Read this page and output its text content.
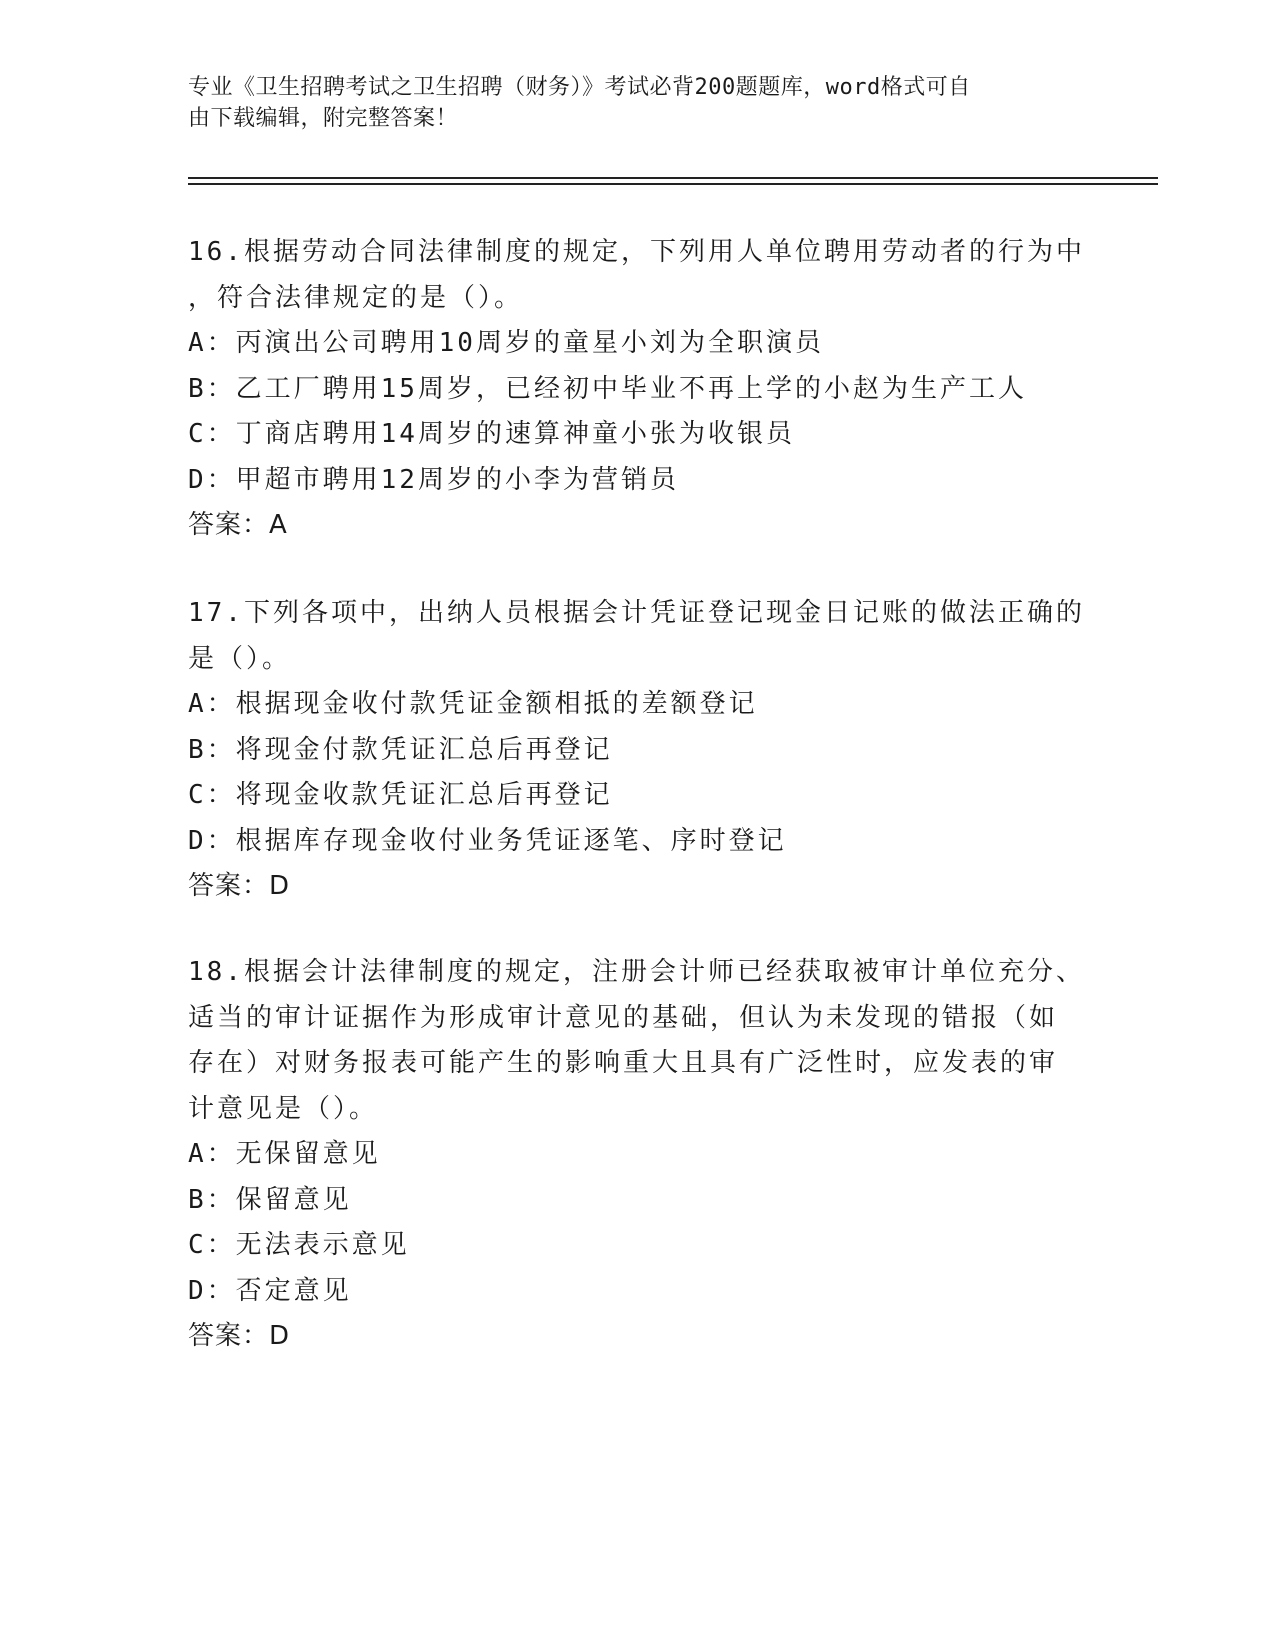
专业《卫生招聘考试之卫生招聘（财务）》考试必背200题题库，word格式可自
由下载编辑，附完整答案！
16.根据劳动合同法律制度的规定，下列用人单位聘用劳动者的行为中
，符合法律规定的是（）。
A：丙演出公司聘用10周岁的童星小刘为全职演员
B：乙工厂聘用15周岁，已经初中毕业不再上学的小赵为生产工人
C：丁商店聘用14周岁的速算神童小张为收银员
D：甲超市聘用12周岁的小李为营销员
答案：A
17.下列各项中，出纳人员根据会计凭证登记现金日记账的做法正确的
是（）。
A：根据现金收付款凭证金额相抵的差额登记
B：将现金付款凭证汇总后再登记
C：将现金收款凭证汇总后再登记
D：根据库存现金收付业务凭证逐笔、序时登记
答案：D
18.根据会计法律制度的规定，注册会计师已经获取被审计单位充分、
适当的审计证据作为形成审计意见的基础，但认为未发现的错报（如
存在）对财务报表可能产生的影响重大且具有广泛性时，应发表的审
计意见是（）。
A：无保留意见
B：保留意见
C：无法表示意见
D：否定意见
答案：D
